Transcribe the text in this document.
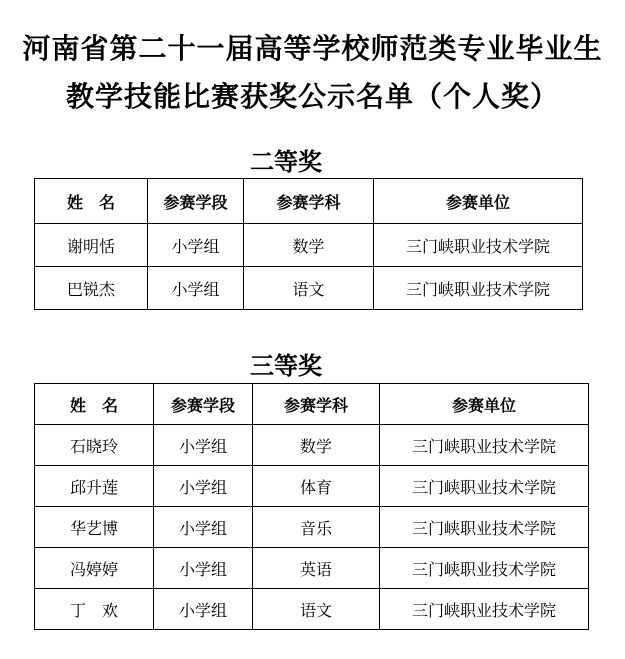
河南省第二十一届高等学校师范类专业毕业生
教学技能比赛获奖公示名单（个人奖）
二等奖
姓　名	参赛学段	参赛学科	参赛单位
谢明恬	小学组	数学	三门峡职业技术学院
巴锐杰	小学组	语文	三门峡职业技术学院
三等奖
姓　名	参赛学段	参赛学科	参赛单位
石晓玲	小学组	数学	三门峡职业技术学院
邱升莲	小学组	体育	三门峡职业技术学院
华艺博	小学组	音乐	三门峡职业技术学院
冯婷婷	小学组	英语	三门峡职业技术学院
丁　欢	小学组	语文	三门峡职业技术学院
